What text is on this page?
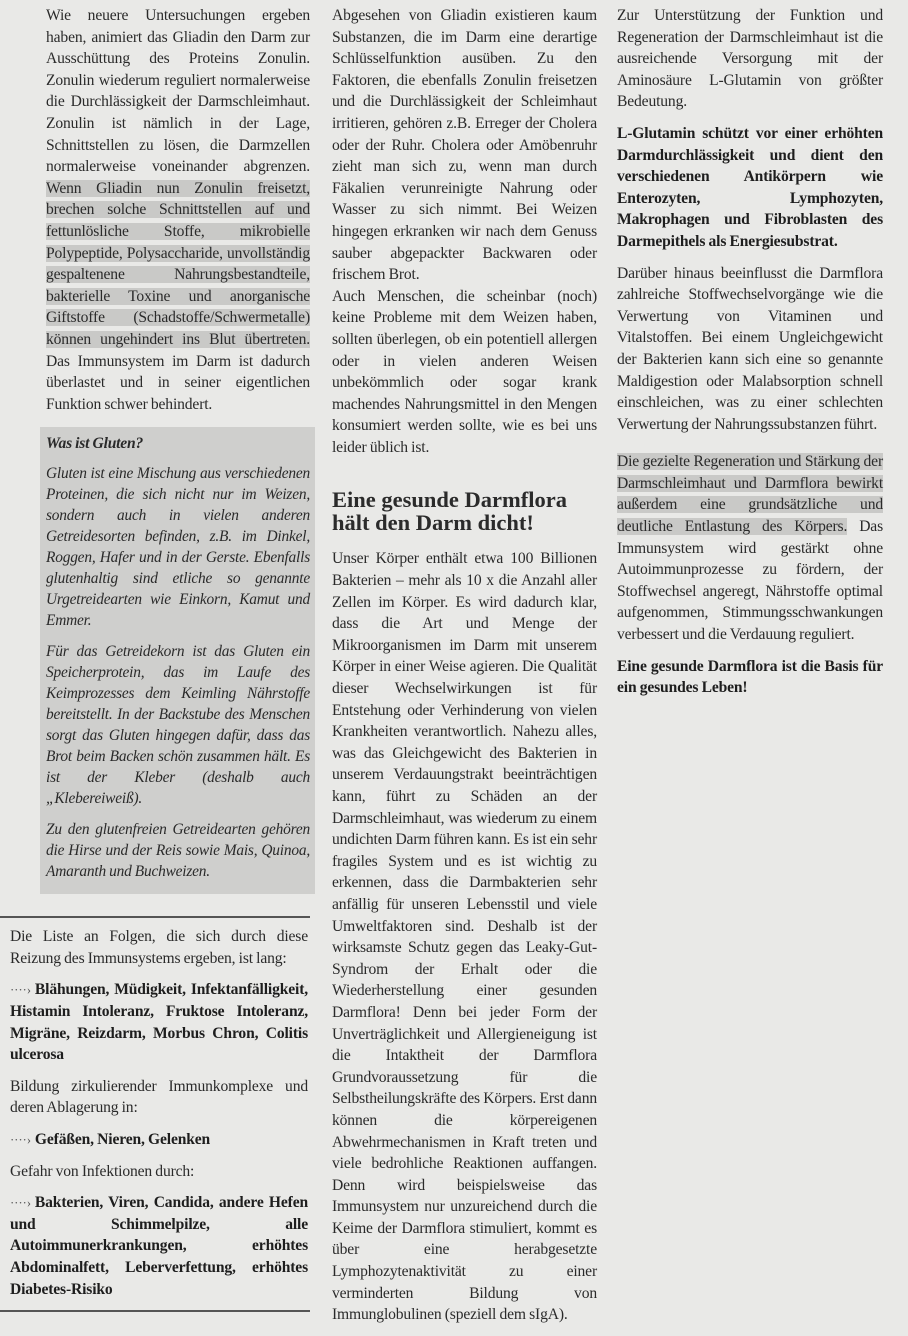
Wie neuere Untersuchungen ergeben haben, animiert das Gliadin den Darm zur Ausschüttung des Proteins Zonulin. Zonulin wiederum reguliert normalerweise die Durchlässigkeit der Darmschleimhaut. Zonulin ist nämlich in der Lage, Schnittstellen zu lösen, die Darmzellen normalerweise voneinander abgrenzen. Wenn Gliadin nun Zonulin freisetzt, brechen solche Schnittstellen auf und fettunlösliche Stoffe, mikrobielle Polypeptide, Polysaccharide, unvollständig gespaltenene Nahrungsbestandteile, bakterielle Toxine und anorganische Giftstoffe (Schadstoffe/Schwermetalle) können ungehindert ins Blut übertreten. Das Immunsystem im Darm ist dadurch überlastet und in seiner eigentlichen Funktion schwer behindert.

Was ist Gluten?

Gluten ist eine Mischung aus verschiedenen Proteinen, die sich nicht nur im Weizen, sondern auch in vielen anderen Getreidesorten befinden, z.B. im Dinkel, Roggen, Hafer und in der Gerste. Ebenfalls glutenhaltig sind etliche so genannte Urgetreidearten wie Einkorn, Kamut und Emmer.

Für das Getreidekorn ist das Gluten ein Speicherprotein, das im Laufe des Keimprozesses dem Keimling Nährstoffe bereitstellt. In der Backstube des Menschen sorgt das Gluten hingegen dafür, dass das Brot beim Backen schön zusammen hält. Es ist der Kleber (deshalb auch „Klebereiweiß).

Zu den glutenfreien Getreidearten gehören die Hirse und der Reis sowie Mais, Quinoa, Amaranth und Buchweizen.

Die Liste an Folgen, die sich durch diese Reizung des Immunsystems ergeben, ist lang:

····› Blähungen, Müdigkeit, Infektanfälligkeit, Histamin Intoleranz, Fruktose Intoleranz, Migräne, Reizdarm, Morbus Chron, Colitis ulcerosa

Bildung zirkulierender Immunkomplexe und deren Ablagerung in:

····› Gefäßen, Nieren, Gelenken

Gefahr von Infektionen durch:

····› Bakterien, Viren, Candida, andere Hefen und Schimmelpilze, alle Autoimmunerkrankungen, erhöhtes Abdominalfett, Leberverfettung, erhöhtes Diabetes-Risiko

Abgesehen von Gliadin existieren kaum Substanzen, die im Darm eine derartige Schlüsselfunktion ausüben. Zu den Faktoren, die ebenfalls Zonulin freisetzen und die Durchlässigkeit der Schleimhaut irritieren, gehören z.B. Erreger der Cholera oder der Ruhr. Cholera oder Amöbenruhr zieht man sich zu, wenn man durch Fäkalien verunreinigte Nahrung oder Wasser zu sich nimmt. Bei Weizen hingegen erkranken wir nach dem Genuss sauber abgepackter Backwaren oder frischem Brot.

Auch Menschen, die scheinbar (noch) keine Probleme mit dem Weizen haben, sollten überlegen, ob ein potentiell allergen oder in vielen anderen Weisen unbekömmlich oder sogar krank machendes Nahrungsmittel in den Mengen konsumiert werden sollte, wie es bei uns leider üblich ist.

Eine gesunde Darmflora hält den Darm dicht!

Unser Körper enthält etwa 100 Billionen Bakterien – mehr als 10 x die Anzahl aller Zellen im Körper. Es wird dadurch klar, dass die Art und Menge der Mikroorganismen im Darm mit unserem Körper in einer Weise agieren. Die Qualität dieser Wechselwirkungen ist für Entstehung oder Verhinderung von vielen Krankheiten verantwortlich. Nahezu alles, was das Gleichgewicht des Bakterien in unserem Verdauungstrakt beeinträchtigen kann, führt zu Schäden an der Darmschleimhaut, was wiederum zu einem undichten Darm führen kann. Es ist ein sehr fragiles System und es ist wichtig zu erkennen, dass die Darmbakterien sehr anfällig für unseren Lebensstil und viele Umweltfaktoren sind. Deshalb ist der wirksamste Schutz gegen das Leaky-Gut-Syndrom der Erhalt oder die Wiederherstellung einer gesunden Darmflora! Denn bei jeder Form der Unverträglichkeit und Allergieneigung ist die Intaktheit der Darmflora Grundvoraussetzung für die Selbstheilungskräfte des Körpers. Erst dann können die körpereigenen Abwehrmechanismen in Kraft treten und viele bedrohliche Reaktionen auffangen. Denn wird beispielsweise das Immunsystem nur unzureichend durch die Keime der Darmflora stimuliert, kommt es über eine herabgesetzte Lymphozytenaktivität zu einer verminderten Bildung von Immunglobulinen (speziell dem sIgA).

Zur Unterstützung der Funktion und Regeneration der Darmschleimhaut ist die ausreichende Versorgung mit der Aminosäure L-Glutamin von größter Bedeutung.

L-Glutamin schützt vor einer erhöhten Darmdurchlässigkeit und dient den verschiedenen Antikörpern wie Enterozyten, Lymphozyten, Makrophagen und Fibroblasten des Darmepithels als Energiesubstrat.

Darüber hinaus beeinflusst die Darmflora zahlreiche Stoffwechselvorgänge wie die Verwertung von Vitaminen und Vitalstoffen. Bei einem Ungleichgewicht der Bakterien kann sich eine so genannte Maldigestion oder Malabsorption schnell einschleichen, was zu einer schlechten Verwertung der Nahrungssubstanzen führt.

Die gezielte Regeneration und Stärkung der Darmschleimhaut und Darmflora bewirkt außerdem eine grundsätzliche und deutliche Entlastung des Körpers. Das Immunsystem wird gestärkt ohne Autoimmunprozesse zu fördern, der Stoffwechsel angeregt, Nährstoffe optimal aufgenommen, Stimmungsschwankungen verbessert und die Verdauung reguliert.

Eine gesunde Darmflora ist die Basis für ein gesundes Leben!
